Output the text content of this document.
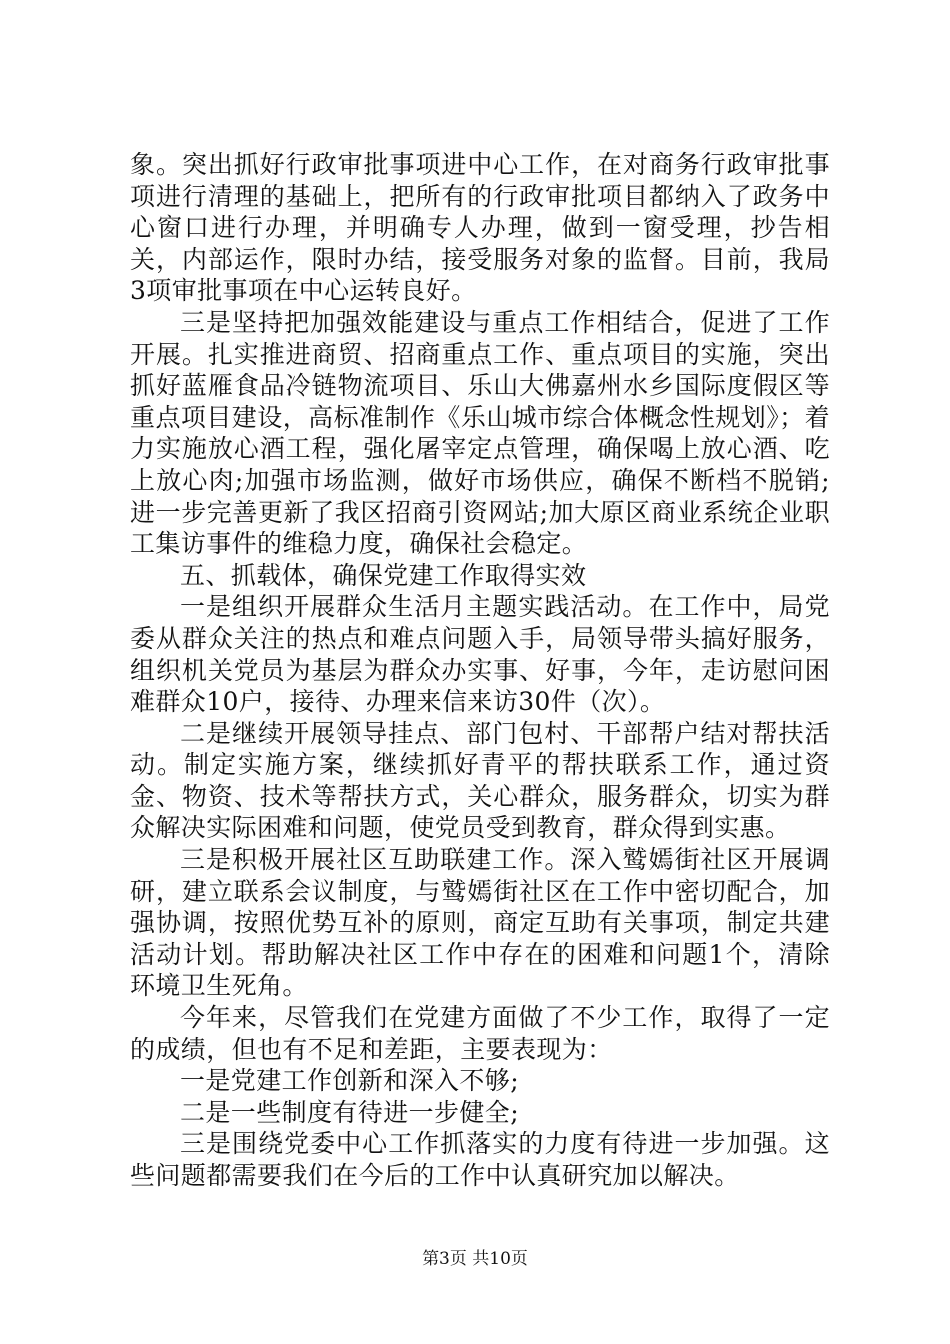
象。突出抓好行政审批事项进中心工作，在对商务行政审批事项进行清理的基础上，把所有的行政审批项目都纳入了政务中心窗口进行办理，并明确专人办理，做到一窗受理，抄告相关，内部运作，限时办结，接受服务对象的监督。目前，我局3项审批事项在中心运转良好。

三是坚持把加强效能建设与重点工作相结合，促进了工作开展。扎实推进商贸、招商重点工作、重点项目的实施，突出抓好蓝雁食品冷链物流项目、乐山大佛嘉州水乡国际度假区等重点项目建设，高标准制作《乐山城市综合体概念性规划》；着力实施放心酒工程，强化屠宰定点管理，确保喝上放心酒、吃上放心肉;加强市场监测，做好市场供应，确保不断档不脱销;进一步完善更新了我区招商引资网站;加大原区商业系统企业职工集访事件的维稳力度，确保社会稳定。

五、抓载体，确保党建工作取得实效

一是组织开展群众生活月主题实践活动。在工作中，局党委从群众关注的热点和难点问题入手，局领导带头搞好服务，组织机关党员为基层为群众办实事、好事，今年，走访慰问困难群众10户，接待、办理来信来访30件（次）。

二是继续开展领导挂点、部门包村、干部帮户结对帮扶活动。制定实施方案，继续抓好青平的帮扶联系工作，通过资金、物资、技术等帮扶方式，关心群众，服务群众，切实为群众解决实际困难和问题，使党员受到教育，群众得到实惠。

三是积极开展社区互助联建工作。深入鹫嫣街社区开展调研，建立联系会议制度，与鹫嫣街社区在工作中密切配合，加强协调，按照优势互补的原则，商定互助有关事项，制定共建活动计划。帮助解决社区工作中存在的困难和问题1个，清除环境卫生死角。

今年来，尽管我们在党建方面做了不少工作，取得了一定的成绩，但也有不足和差距，主要表现为：

一是党建工作创新和深入不够;

二是一些制度有待进一步健全;

三是围绕党委中心工作抓落实的力度有待进一步加强。这些问题都需要我们在今后的工作中认真研究加以解决。

第3页 共10页
